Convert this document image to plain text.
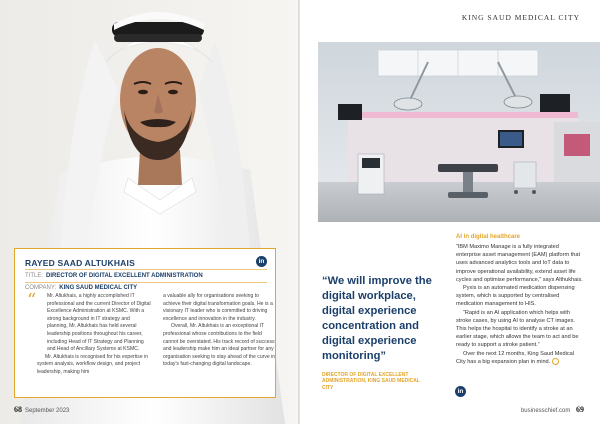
RAYED SAAD ALTUKHAIS	in
TITLE: DIRECTOR OF DIGITAL EXCELLENT ADMINISTRATION
COMPANY: KING SAUD MEDICAL CITY
“	Mr. Altukhais, a highly accomplished IT professional and the current Director of Digital Excellence Administration at KSMC. With a strong background in IT strategy and planning, Mr. Altukhais has held several leadership positions throughout his career, including Head of IT Strategy and Planning and Head of Ancillary Systems at KSMC.

Mr. Altukhais is recognised for his expertise in system analysis, workflow design, and project leadership, making him

a valuable ally for organisations seeking to achieve their digital transformation goals. He is a visionary IT leader who is committed to driving excellence and innovation in the industry.

Overall, Mr. Altukhais is an exceptional IT professional whose contributions to the field cannot be overstated. His track record of success and leadership make him an ideal partner for any organisation seeking to stay ahead of the curve in today's fast-changing digital landscape.

68 September 2023
KING SAUD MEDICAL CITY
“We will improve the digital workplace, digital experience concentration and digital experience monitoring”
DIRECTOR OF DIGITAL EXCELLENT ADMINISTRATION, KING SAUD MEDICAL CITY
AI in digital healthcare

“IBM Maximo Manage is a fully integrated enterprise asset management (EAM) platform that uses advanced analytics tools and IoT data to improve operational availability, extend asset life cycles and optimise performance,” says Althukhais.

Pyxis is an automated medication dispensing system, which is supported by centralised medication management to HIS.

“Rapid is an AI application which helps with stroke cases, by using AI to analyse CT images. This helps the hospital to identify a stroke at an earlier stage, which allows the team to act and be ready to support a stroke patient.”

Over the next 12 months, King Saud Medical City has a big expansion plan in mind.

in
businesschief.com 69
